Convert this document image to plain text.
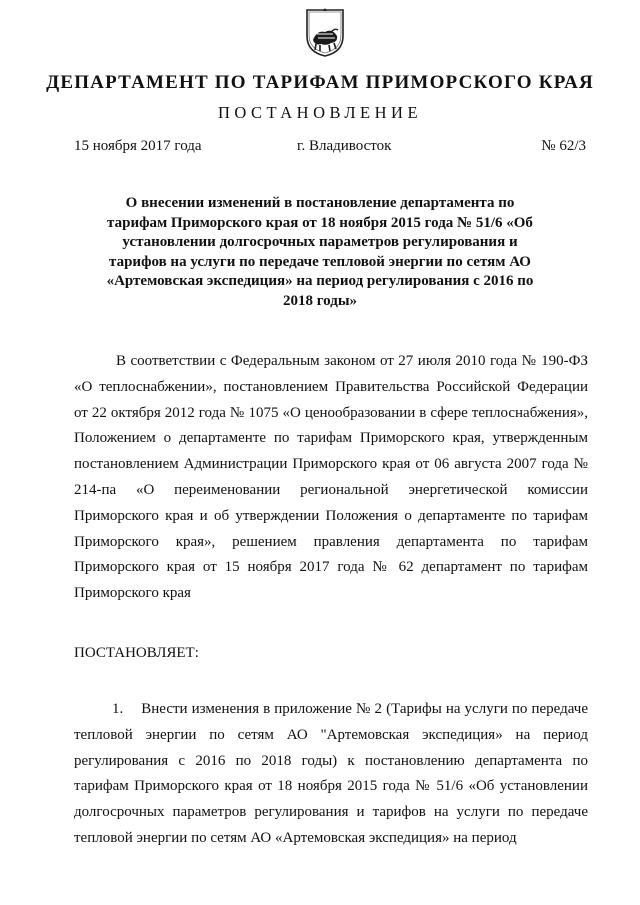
ДЕПАРТАМЕНТ ПО ТАРИФАМ ПРИМОРСКОГО КРАЯ
ПОСТАНОВЛЕНИЕ
15 ноября 2017 года	г. Владивосток	№ 62/3
О внесении изменений в постановление департамента по тарифам Приморского края от 18 ноября 2015 года № 51/6 «Об установлении долгосрочных параметров регулирования и тарифов на услуги по передаче тепловой энергии по сетям АО «Артемовская экспедиция» на период регулирования с 2016 по 2018 годы»

В соответствии с Федеральным законом от 27 июля 2010 года № 190-ФЗ «О теплоснабжении», постановлением Правительства Российской Федерации от 22 октября 2012 года № 1075 «О ценообразовании в сфере теплоснабжения», Положением о департаменте по тарифам Приморского края, утвержденным постановлением Администрации Приморского края от 06 августа 2007 года № 214-па «О переименовании региональной энергетической комиссии Приморского края и об утверждении Положения о департаменте по тарифам Приморского края», решением правления департамента по тарифам Приморского края от 15 ноября 2017 года № 62 департамент по тарифам Приморского края

ПОСТАНОВЛЯЕТ:

1. Внести изменения в приложение № 2 (Тарифы на услуги по передаче тепловой энергии по сетям АО "Артемовская экспедиция» на период регулирования с 2016 по 2018 годы) к постановлению департамента по тарифам Приморского края от 18 ноября 2015 года № 51/6 «Об установлении долгосрочных параметров регулирования и тарифов на услуги по передаче тепловой энергии по сетям АО «Артемовская экспедиция» на период
